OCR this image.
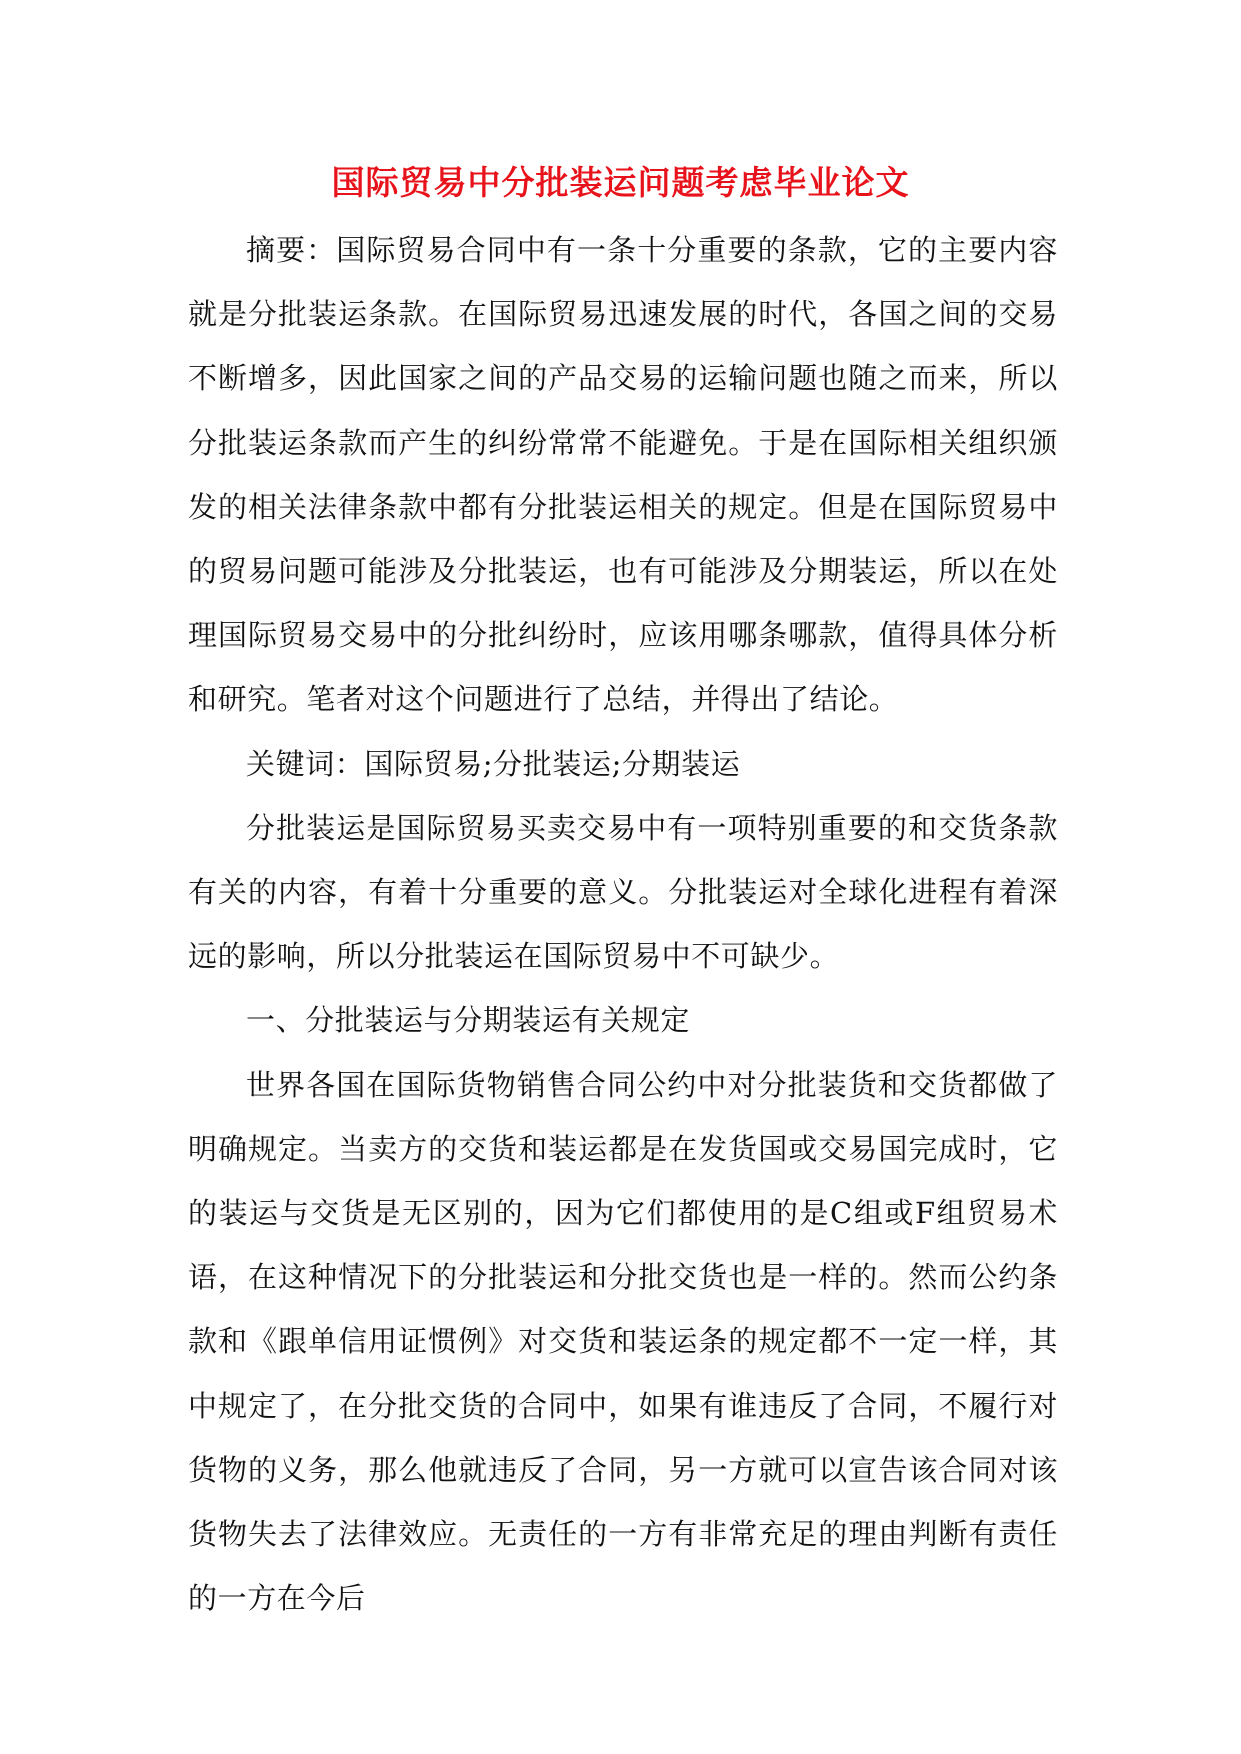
国际贸易中分批装运问题考虑毕业论文

摘要：国际贸易合同中有一条十分重要的条款，它的主要内容就是分批装运条款。在国际贸易迅速发展的时代，各国之间的交易不断增多，因此国家之间的产品交易的运输问题也随之而来，所以分批装运条款而产生的纠纷常常不能避免。于是在国际相关组织颁发的相关法律条款中都有分批装运相关的规定。但是在国际贸易中的贸易问题可能涉及分批装运，也有可能涉及分期装运，所以在处理国际贸易交易中的分批纠纷时，应该用哪条哪款，值得具体分析和研究。笔者对这个问题进行了总结，并得出了结论。

关键词：国际贸易;分批装运;分期装运

分批装运是国际贸易买卖交易中有一项特别重要的和交货条款有关的内容，有着十分重要的意义。分批装运对全球化进程有着深远的影响，所以分批装运在国际贸易中不可缺少。

一、分批装运与分期装运有关规定

世界各国在国际货物销售合同公约中对分批装货和交货都做了明确规定。当卖方的交货和装运都是在发货国或交易国完成时，它的装运与交货是无区别的，因为它们都使用的是C组或F组贸易术语，在这种情况下的分批装运和分批交货也是一样的。然而公约条款和《跟单信用证惯例》对交货和装运条的规定都不一定一样，其中规定了，在分批交货的合同中，如果有谁违反了合同，不履行对货物的义务，那么他就违反了合同，另一方就可以宣告该合同对该货物失去了法律效应。无责任的一方有非常充足的理由判断有责任的一方在今后
